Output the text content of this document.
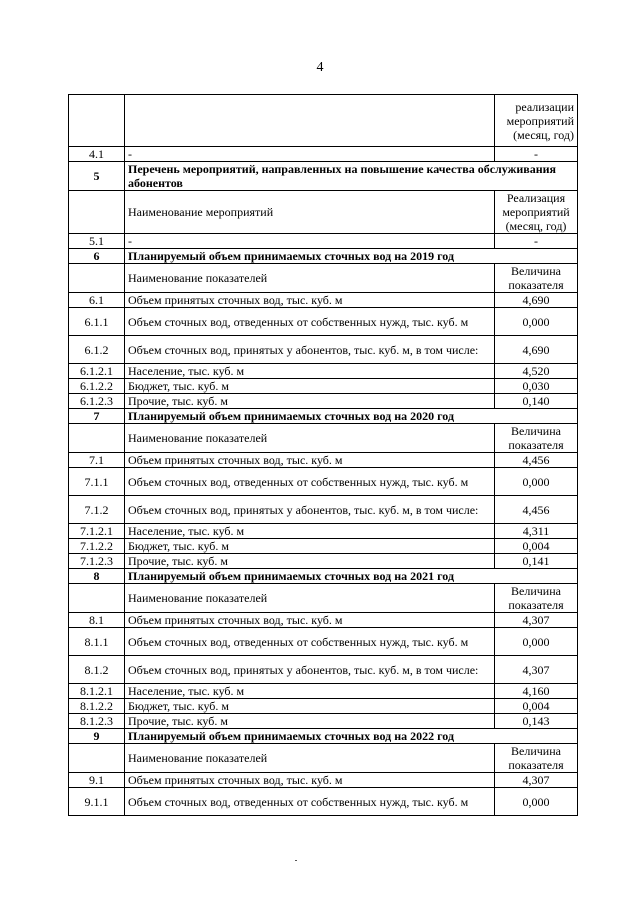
4
		реализации мероприятий (месяц, год)
4.1	-	-
5	Перечень мероприятий, направленных на повышение качества обслуживания абонентов	
	Наименование мероприятий	Реализация мероприятий (месяц, год)
5.1	-	-
6	Планируемый объем принимаемых сточных вод на 2019 год	
	Наименование показателей	Величина показателя
6.1	Объем принятых сточных вод, тыс. куб. м	4,690
6.1.1	Объем сточных вод, отведенных от собственных нужд, тыс. куб. м	0,000
6.1.2	Объем сточных вод, принятых у абонентов, тыс. куб. м, в том числе:	4,690
6.1.2.1	Население, тыс. куб. м	4,520
6.1.2.2	Бюджет, тыс. куб. м	0,030
6.1.2.3	Прочие, тыс. куб. м	0,140
7	Планируемый объем принимаемых сточных вод на 2020 год	
	Наименование показателей	Величина показателя
7.1	Объем принятых сточных вод, тыс. куб. м	4,456
7.1.1	Объем сточных вод, отведенных от собственных нужд, тыс. куб. м	0,000
7.1.2	Объем сточных вод, принятых у абонентов, тыс. куб. м, в том числе:	4,456
7.1.2.1	Население, тыс. куб. м	4,311
7.1.2.2	Бюджет, тыс. куб. м	0,004
7.1.2.3	Прочие, тыс. куб. м	0,141
8	Планируемый объем принимаемых сточных вод на 2021 год	
	Наименование показателей	Величина показателя
8.1	Объем принятых сточных вод, тыс. куб. м	4,307
8.1.1	Объем сточных вод, отведенных от собственных нужд, тыс. куб. м	0,000
8.1.2	Объем сточных вод, принятых у абонентов, тыс. куб. м, в том числе:	4,307
8.1.2.1	Население, тыс. куб. м	4,160
8.1.2.2	Бюджет, тыс. куб. м	0,004
8.1.2.3	Прочие, тыс. куб. м	0,143
9	Планируемый объем принимаемых сточных вод на 2022 год	
	Наименование показателей	Величина показателя
9.1	Объем принятых сточных вод, тыс. куб. м	4,307
9.1.1	Объем сточных вод, отведенных от собственных нужд, тыс. куб. м	0,000
